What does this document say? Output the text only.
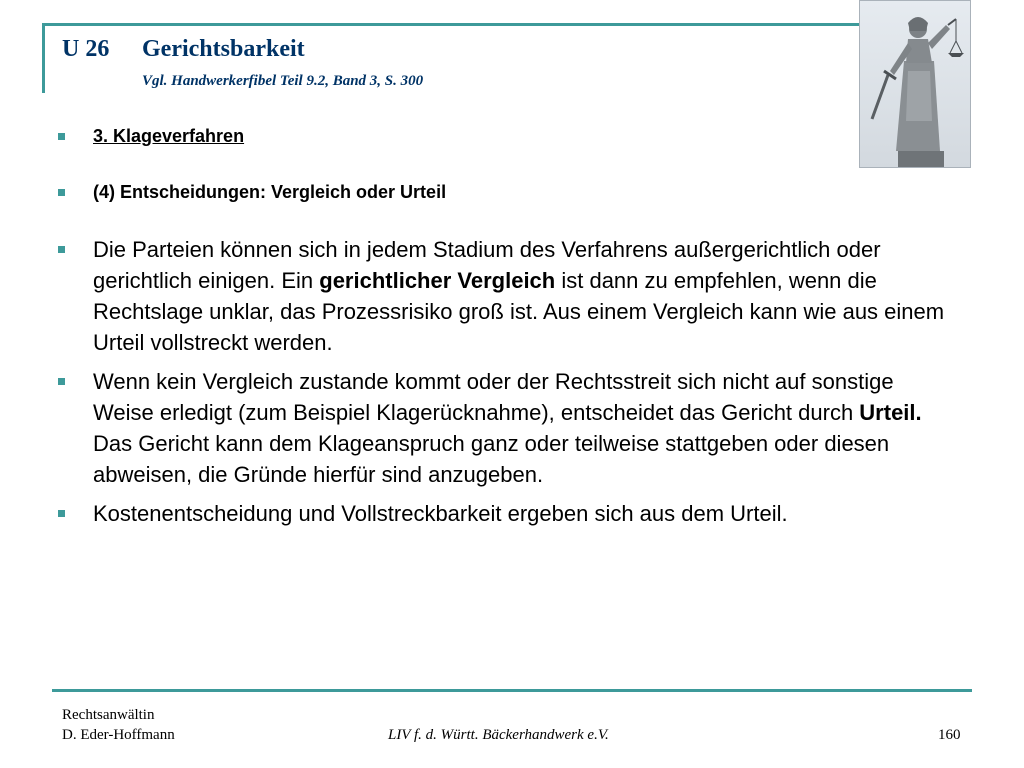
U 26 Gerichtsbarkeit
Vgl. Handwerkerfibel Teil 9.2, Band 3, S. 300
3. Klageverfahren
(4) Entscheidungen: Vergleich oder Urteil
Die Parteien können sich in jedem Stadium des Verfahrens außergerichtlich oder gerichtlich einigen. Ein gerichtlicher Vergleich ist dann zu empfehlen, wenn die Rechtslage unklar, das Prozessrisiko groß ist. Aus einem Vergleich kann wie aus einem Urteil vollstreckt werden.
Wenn kein Vergleich zustande kommt oder der Rechtsstreit sich nicht auf sonstige Weise erledigt (zum Beispiel Klagerücknahme), entscheidet das Gericht durch Urteil. Das Gericht kann dem Klageanspruch ganz oder teilweise stattgeben oder diesen abweisen, die Gründe hierfür sind anzugeben.
Kostenentscheidung und Vollstreckbarkeit ergeben sich aus dem Urteil.
Rechtsanwältin
D. Eder-Hoffmann	LIV f. d. Württ. Bäckerhandwerk e.V.	160
